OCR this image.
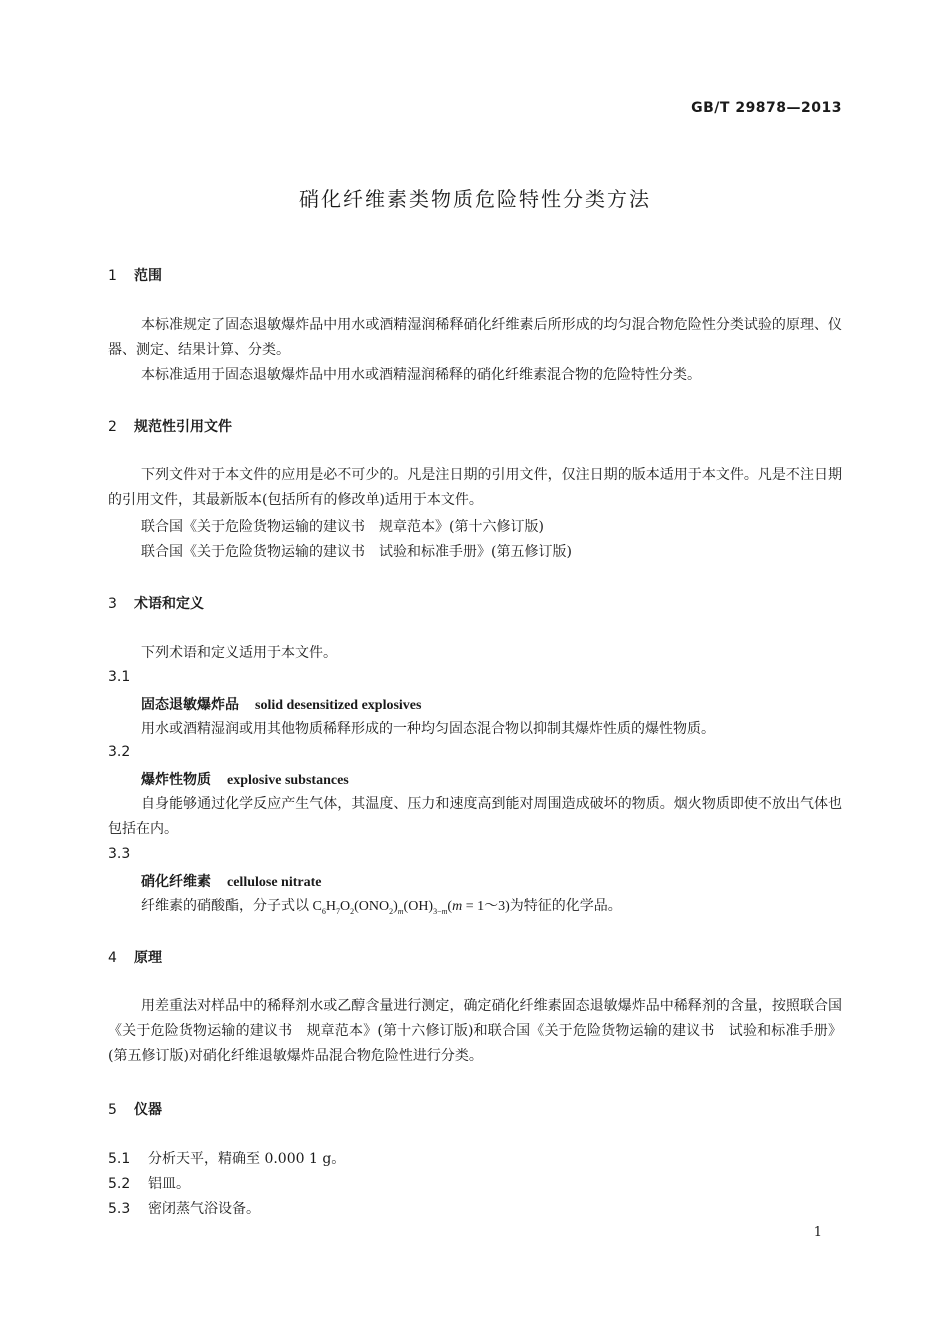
GB/T 29878—2013
硝化纤维素类物质危险特性分类方法
1 范围
本标准规定了固态退敏爆炸品中用水或酒精湿润稀释硝化纤维素后所形成的均匀混合物危险性分类试验的原理、仪器、测定、结果计算、分类。
本标准适用于固态退敏爆炸品中用水或酒精湿润稀释的硝化纤维素混合物的危险特性分类。
2 规范性引用文件
下列文件对于本文件的应用是必不可少的。凡是注日期的引用文件，仅注日期的版本适用于本文件。凡是不注日期的引用文件，其最新版本(包括所有的修改单)适用于本文件。
联合国《关于危险货物运输的建议书　规章范本》(第十六修订版)
联合国《关于危险货物运输的建议书　试验和标准手册》(第五修订版)
3 术语和定义
下列术语和定义适用于本文件。
3.1
固态退敏爆炸品 solid desensitized explosives
用水或酒精湿润或用其他物质稀释形成的一种均匀固态混合物以抑制其爆炸性质的爆性物质。
3.2
爆炸性物质 explosive substances
自身能够通过化学反应产生气体，其温度、压力和速度高到能对周围造成破坏的物质。烟火物质即使不放出气体也包括在内。
3.3
硝化纤维素 cellulose nitrate
纤维素的硝酸酯，分子式以 $C_6H_7O_2(ONO_2)_m(OH)_{3-m}(m$ = 1～3)为特征的化学品。
4 原理
用差重法对样品中的稀释剂水或乙醇含量进行测定，确定硝化纤维素固态退敏爆炸品中稀释剂的含量，按照联合国《关于危险货物运输的建议书　规章范本》(第十六修订版)和联合国《关于危险货物运输的建议书　试验和标准手册》(第五修订版)对硝化纤维退敏爆炸品混合物危险性进行分类。
5 仪器
5.1 分析天平，精确至 0.000 1 g。
5.2 铝皿。
5.3 密闭蒸气浴设备。
1
